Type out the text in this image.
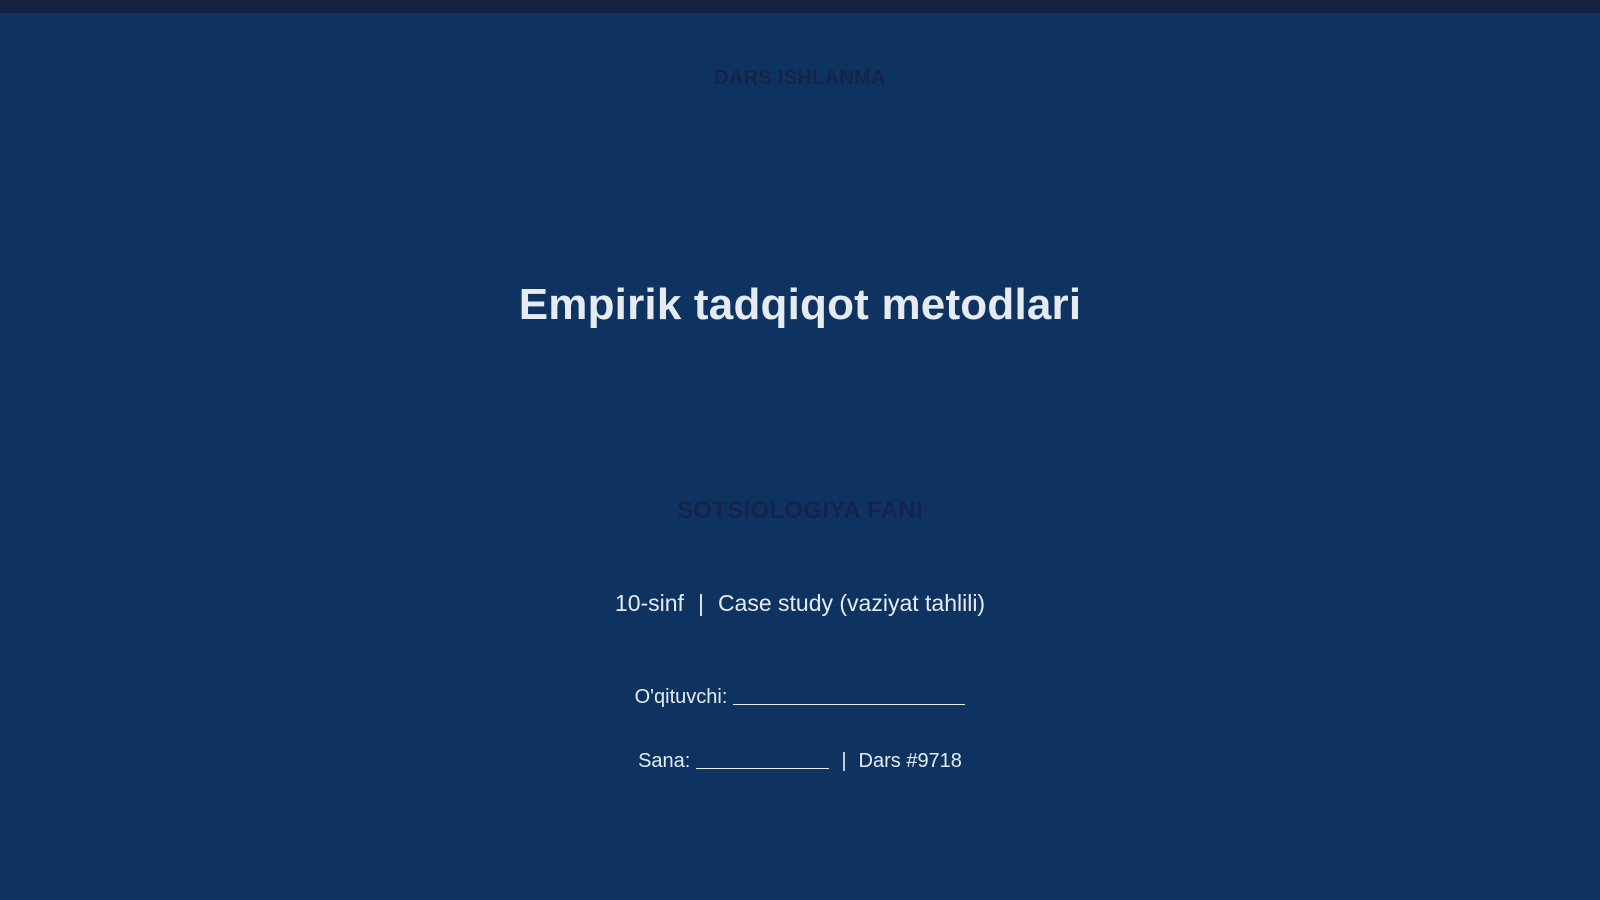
DARS ISHLANMA
Empirik tadqiqot metodlari
SOTSIOLOGIYA FANI
10-sinf | Case study (vaziyat tahlili)
O'qituvchi:
Sana:	| Dars #9718
